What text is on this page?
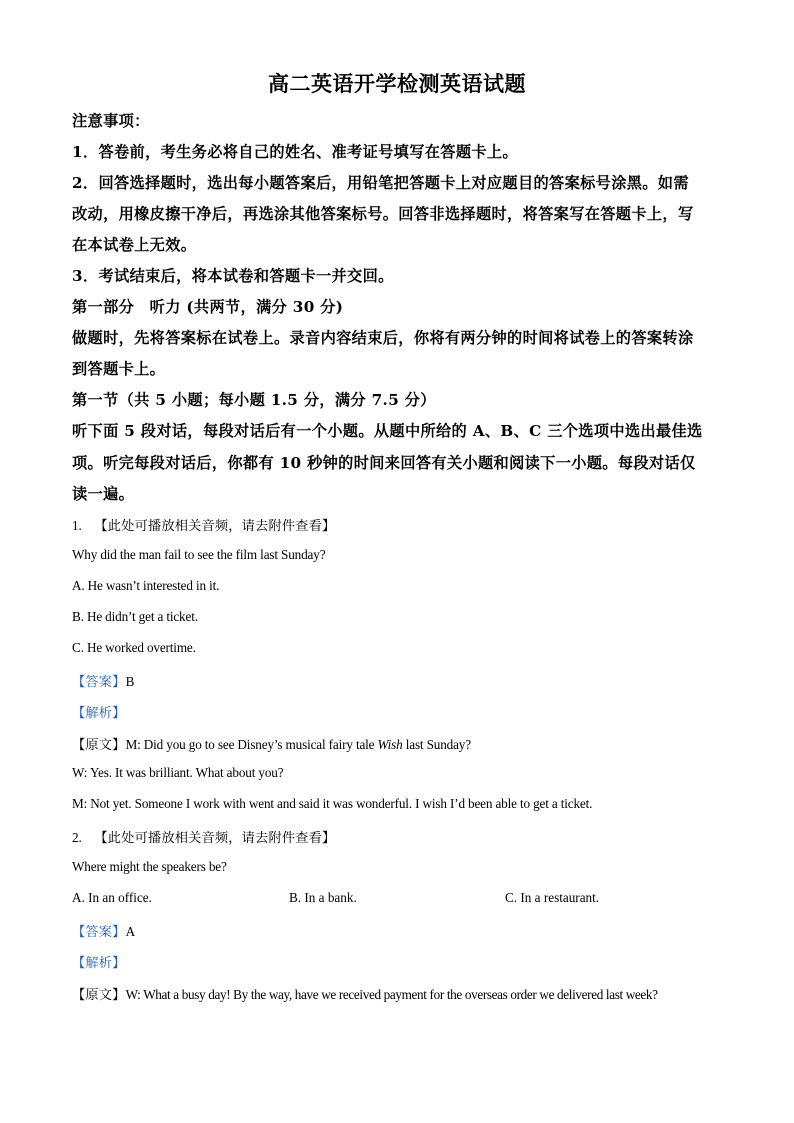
高二英语开学检测英语试题
注意事项：
1．答卷前，考生务必将自己的姓名、准考证号填写在答题卡上。
2．回答选择题时，选出每小题答案后，用铅笔把答题卡上对应题目的答案标号涂黑。如需
改动，用橡皮擦干净后，再选涂其他答案标号。回答非选择题时，将答案写在答题卡上，写
在本试卷上无效。
3．考试结束后，将本试卷和答题卡一并交回。
第一部分　听力 (共两节，满分 30 分)
做题时，先将答案标在试卷上。录音内容结束后，你将有两分钟的时间将试卷上的答案转涂
到答题卡上。
第一节（共 5 小题；每小题 1.5 分，满分 7.5 分）
听下面 5 段对话，每段对话后有一个小题。从题中所给的 A、B、C 三个选项中选出最佳选
项。听完每段对话后，你都有 10 秒钟的时间来回答有关小题和阅读下一小题。每段对话仅
读一遍。
1. 【此处可播放相关音频，请去附件查看】
Why did the man fail to see the film last Sunday?
A. He wasn’t interested in it.
B. He didn’t get a ticket.
C. He worked overtime.
【答案】B
【解析】
【原文】M: Did you go to see Disney’s musical fairy tale Wish last Sunday?
W: Yes. It was brilliant. What about you?
M: Not yet. Someone I work with went and said it was wonderful. I wish I’d been able to get a ticket.
2. 【此处可播放相关音频，请去附件查看】
Where might the speakers be?
A. In an office.	B. In a bank.	C. In a restaurant.
【答案】A
【解析】
【原文】W: What a busy day! By the way, have we received payment for the overseas order we delivered last week?
